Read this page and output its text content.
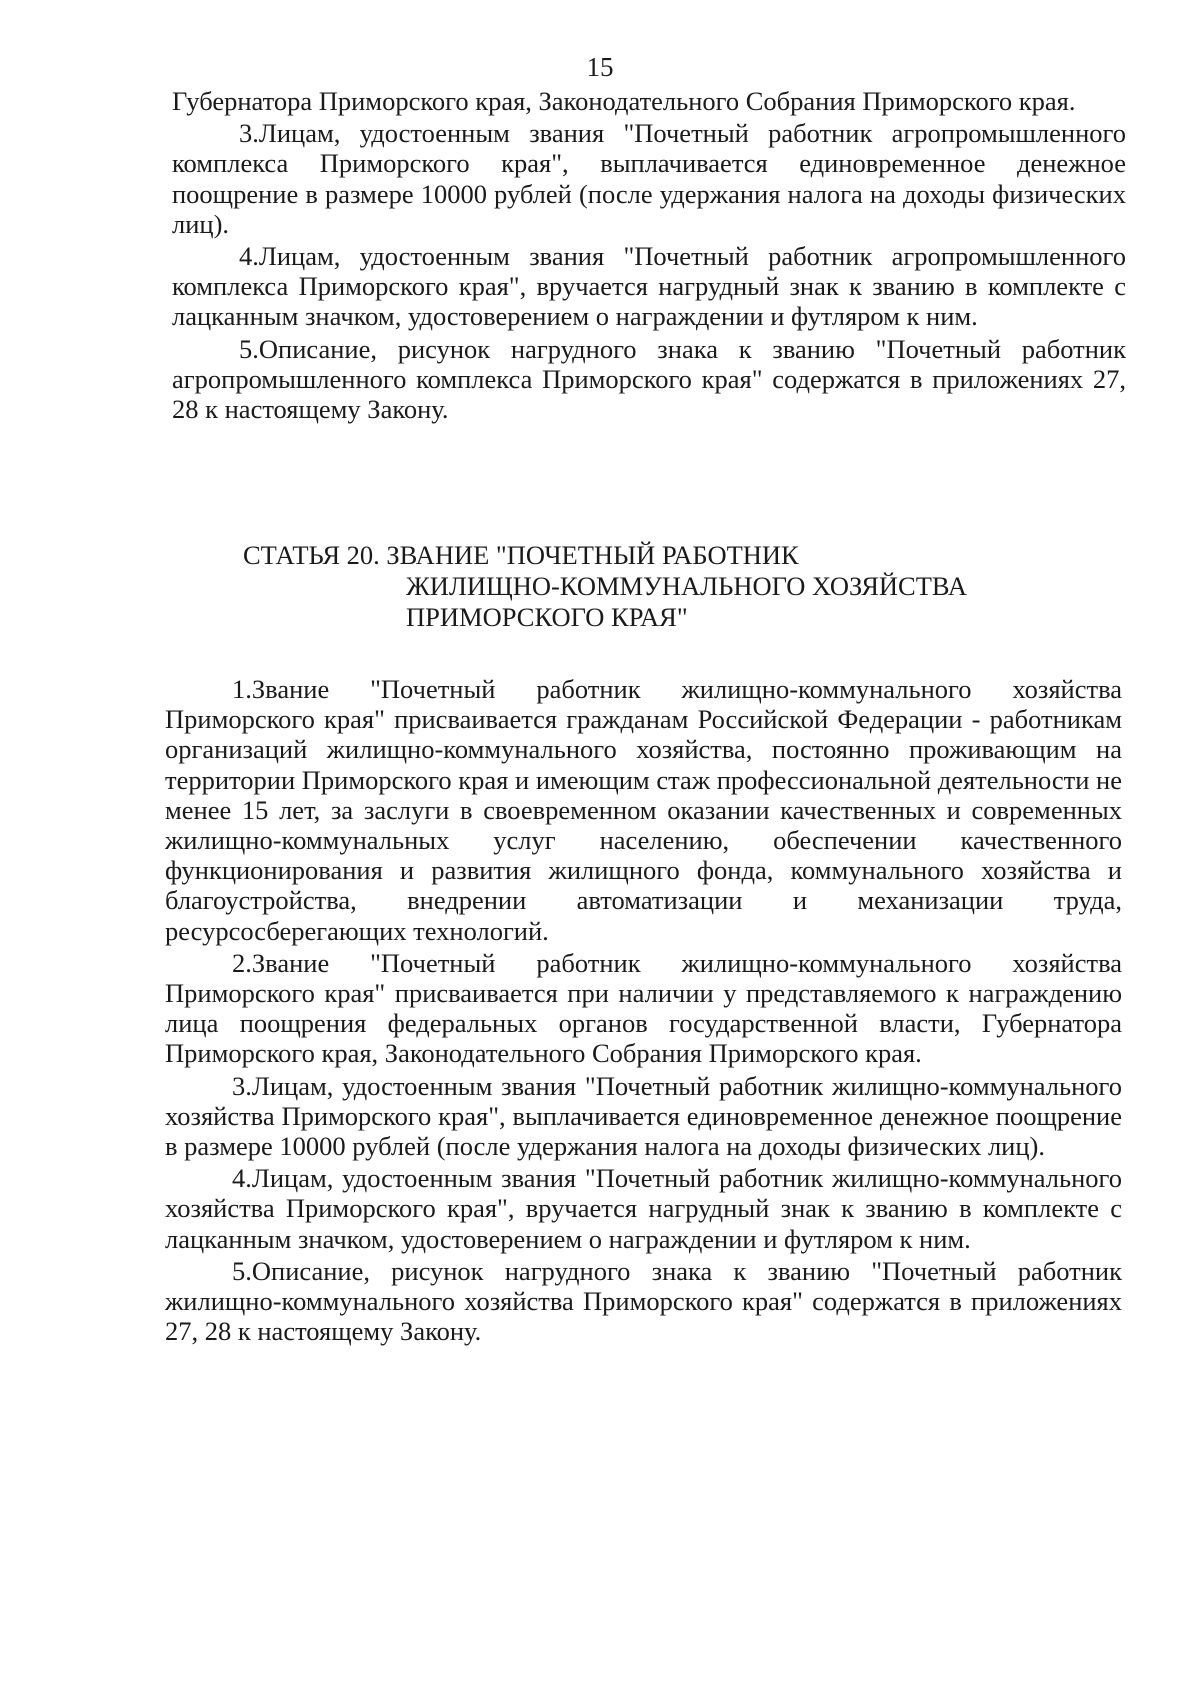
15

Губернатора Приморского края, Законодательного Собрания Приморского края.

3.Лицам, удостоенным звания "Почетный работник агропромышленного комплекса Приморского края", выплачивается единовременное денежное поощрение в размере 10000 рублей (после удержания налога на доходы физических лиц).

4.Лицам, удостоенным звания "Почетный работник агропромышленного комплекса Приморского края", вручается нагрудный знак к званию в комплекте с лацканным значком, удостоверением о награждении и футляром к ним.

5.Описание, рисунок нагрудного знака к званию "Почетный работник агропромышленного комплекса Приморского края" содержатся в приложениях 27, 28 к настоящему Закону.

СТАТЬЯ 20. ЗВАНИЕ "ПОЧЕТНЫЙ РАБОТНИК
ЖИЛИЩНО-КОММУНАЛЬНОГО ХОЗЯЙСТВА
ПРИМОРСКОГО КРАЯ"

1.Звание "Почетный работник жилищно-коммунального хозяйства Приморского края" присваивается гражданам Российской Федерации - работникам организаций жилищно-коммунального хозяйства, постоянно проживающим на территории Приморского края и имеющим стаж профессиональной деятельности не менее 15 лет, за заслуги в своевременном оказании качественных и современных жилищно-коммунальных услуг населению, обеспечении качественного функционирования и развития жилищного фонда, коммунального хозяйства и благоустройства, внедрении автоматизации и механизации труда, ресурсосберегающих технологий.

2.Звание "Почетный работник жилищно-коммунального хозяйства Приморского края" присваивается при наличии у представляемого к награждению лица поощрения федеральных органов государственной власти, Губернатора Приморского края, Законодательного Собрания Приморского края.

3.Лицам, удостоенным звания "Почетный работник жилищно-коммунального хозяйства Приморского края", выплачивается единовременное денежное поощрение в размере 10000 рублей (после удержания налога на доходы физических лиц).

4.Лицам, удостоенным звания "Почетный работник жилищно-коммунального хозяйства Приморского края", вручается нагрудный знак к званию в комплекте с лацканным значком, удостоверением о награждении и футляром к ним.

5.Описание, рисунок нагрудного знака к званию "Почетный работник жилищно-коммунального хозяйства Приморского края" содержатся в приложениях 27, 28 к настоящему Закону.
